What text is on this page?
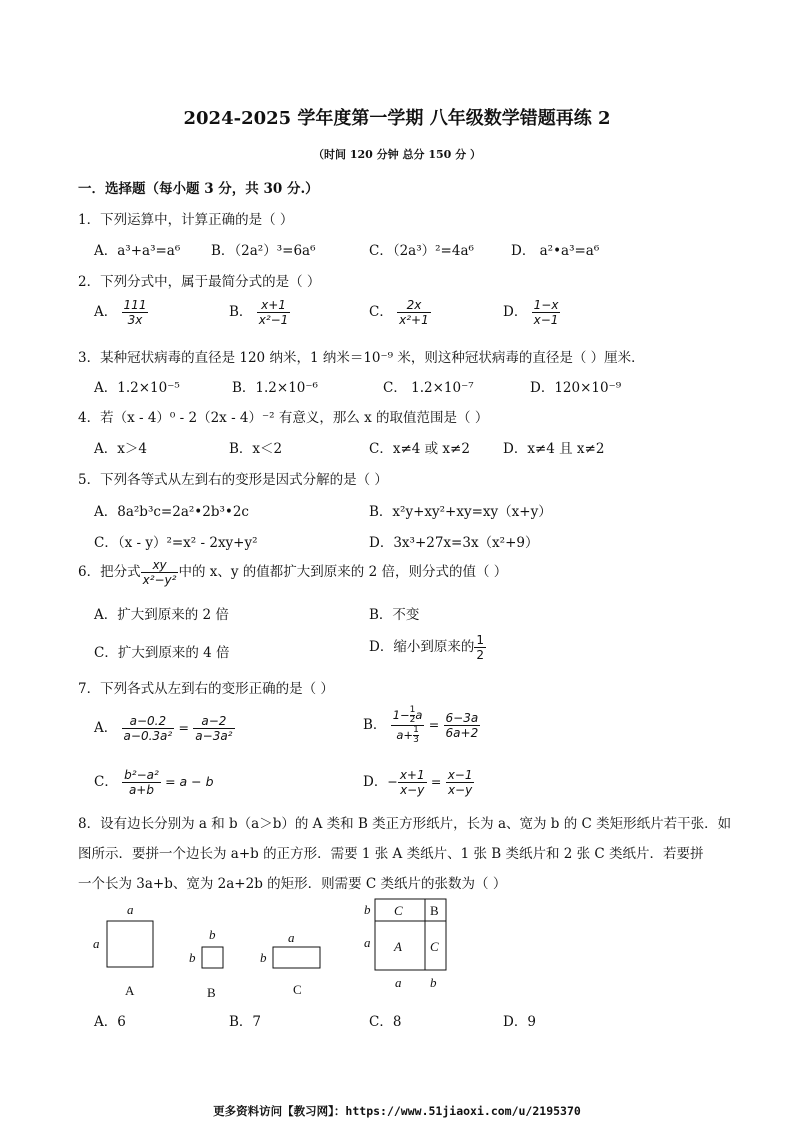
2024-2025 学年度第一学期 八年级数学错题再练 2
（时间 120 分钟 总分 150 分 ）
一．选择题（每小题 3 分，共 30 分.）
1．下列运算中，计算正确的是（ ）
A．a³+a³=a⁶ B．（2a²）³=6a⁶	C．（2a³）²=4a⁶	D． a²•a³=a⁶
2．下列分式中，属于最简分式的是（ ）
A． $\frac{111}{3x}$	B． $\frac{x+1}{\text{x²−1}}$	C． $\frac{2x}{\text{x²+1}}$	D． $\frac{1-x}{x-1}$
3．某种冠状病毒的直径是 120 纳米，1 纳米＝10⁻⁹ 米，则这种冠状病毒的直径是（ ）厘米．
A．1.2×10⁻⁵	B．1.2×10⁻⁶	C． 1.2×10⁻⁷	D．120×10⁻⁹
4．若（x - 4）⁰ - 2（2x - 4）⁻² 有意义，那么 x 的取值范围是（ ）
A．x＞4	B．x＜2	C．x≠4 或 x≠2 D．x≠4 且 x≠2
5．下列各等式从左到右的变形是因式分解的是（ ）
A．8a²b³c=2a²•2b³•2c	B．x²y+xy²+xy=xy（x+y）
C．（x - y）²=x² - 2xy+y²	D．3x³+27x=3x（x²+9）
6．把分式 $\frac{xy}{\text{x²−y²}}$ 中的 x、y 的值都扩大到原来的 2 倍，则分式的值（ ）
A．扩大到原来的 2 倍	B．不变
C．扩大到原来的 4 倍	D．缩小到原来的 $\frac{1}{2}$
7．下列各式从左到右的变形正确的是（ ）
A． $\frac{a-0.2}{\text{a−0.3a²}} = \frac{a-2}{\text{a−3a²}}$	B． $\frac{1- \frac{1}{2} a}{a+ \frac{1}{3}} = \frac{6-3a}{6a+2}$
C． $\frac{\text{b²−a²}}{a+b} = a - b$	D．− $\frac{x+1}{x-y} = \frac{x-1}{x-y}$
8．设有边长分别为 a 和 b（a＞b）的 A 类和 B 类正方形纸片，长为 a、宽为 b 的 C 类矩形纸片若干张．如
图所示．要拼一个边长为 a+b 的正方形．需要 1 张 A 类纸片、1 张 B 类纸片和 2 张 C 类纸片．若要拼
一个长为 3a+b、宽为 2a+2b 的矩形．则需要 C 类纸片的张数为（ ）
a
a
A
b
b
B
a
b
C
C B
A C
b
a
a b
A．6	B．7	C．8	D．9
更多资料访问【教习网】：https://www.51jiaoxi.com/u/2195370
